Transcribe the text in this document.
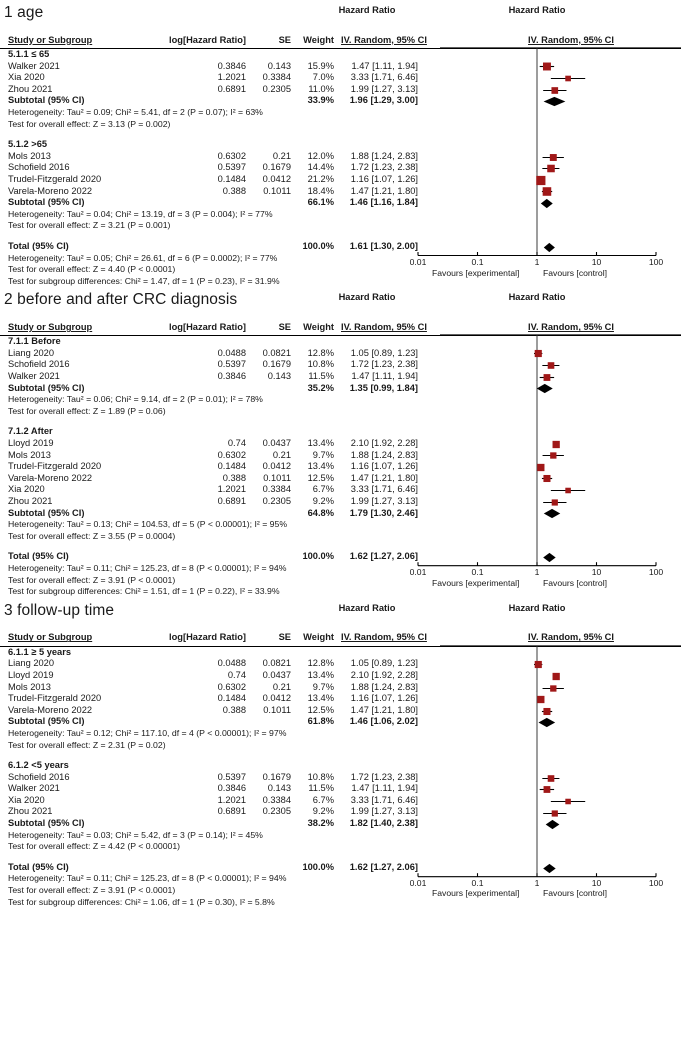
1 age	Hazard Ratio	Hazard Ratio
Study or Subgroup	log[Hazard Ratio]	SE	Weight	IV. Random, 95% CI		IV. Random, 95% CI
5.1.1 ≤ 65						
Walker 2021	0.3846	0.143	15.9%	1.47 [1.11, 1.94]		
Xia 2020	1.2021	0.3384	7.0%	3.33 [1.71, 6.46]		
Zhou 2021	0.6891	0.2305	11.0%	1.99 [1.27, 3.13]		
Subtotal (95% CI)			33.9%	1.96 [1.29, 3.00]		
Heterogeneity: Tau² = 0.09; Chi² = 5.41, df = 2 (P = 0.07); I² = 63%						
Test for overall effect: Z = 3.13 (P = 0.002)						

5.1.2 >65						
Mols 2013	0.6302	0.21	12.0%	1.88 [1.24, 2.83]		
Schofield 2016	0.5397	0.1679	14.4%	1.72 [1.23, 2.38]		
Trudel-Fitzgerald 2020	0.1484	0.0412	21.2%	1.16 [1.07, 1.26]		
Varela-Moreno 2022	0.388	0.1011	18.4%	1.47 [1.21, 1.80]		
Subtotal (95% CI)			66.1%	1.46 [1.16, 1.84]		
Heterogeneity: Tau² = 0.04; Chi² = 13.19, df = 3 (P = 0.004); I² = 77%						
Test for overall effect: Z = 3.21 (P = 0.001)						

Total (95% CI)			100.0%	1.61 [1.30, 2.00]		
Heterogeneity: Tau² = 0.05; Chi² = 26.61, df = 6 (P = 0.0002); I² = 77%						
Test for overall effect: Z = 4.40 (P < 0.0001)						
Test for subgroup differences: Chi² = 1.47, df = 1 (P = 0.23), I² = 31.9%						
0.01	0.1	1	10	100
Favours [experimental]	Favours [control]
2 before and after CRC diagnosis	Hazard Ratio	Hazard Ratio
Study or Subgroup	log[Hazard Ratio]	SE	Weight	IV. Random, 95% CI		IV. Random, 95% CI
7.1.1 Before						
Liang 2020	0.0488	0.0821	12.8%	1.05 [0.89, 1.23]		
Schofield 2016	0.5397	0.1679	10.8%	1.72 [1.23, 2.38]		
Walker 2021	0.3846	0.143	11.5%	1.47 [1.11, 1.94]		
Subtotal (95% CI)			35.2%	1.35 [0.99, 1.84]		
Heterogeneity: Tau² = 0.06; Chi² = 9.14, df = 2 (P = 0.01); I² = 78%						
Test for overall effect: Z = 1.89 (P = 0.06)						

7.1.2 After						
Lloyd 2019	0.74	0.0437	13.4%	2.10 [1.92, 2.28]		
Mols 2013	0.6302	0.21	9.7%	1.88 [1.24, 2.83]		
Trudel-Fitzgerald 2020	0.1484	0.0412	13.4%	1.16 [1.07, 1.26]		
Varela-Moreno 2022	0.388	0.1011	12.5%	1.47 [1.21, 1.80]		
Xia 2020	1.2021	0.3384	6.7%	3.33 [1.71, 6.46]		
Zhou 2021	0.6891	0.2305	9.2%	1.99 [1.27, 3.13]		
Subtotal (95% CI)			64.8%	1.79 [1.30, 2.46]		
Heterogeneity: Tau² = 0.13; Chi² = 104.53, df = 5 (P < 0.00001); I² = 95%						
Test for overall effect: Z = 3.55 (P = 0.0004)						

Total (95% CI)			100.0%	1.62 [1.27, 2.06]		
Heterogeneity: Tau² = 0.11; Chi² = 125.23, df = 8 (P < 0.00001); I² = 94%						
Test for overall effect: Z = 3.91 (P < 0.0001)						
Test for subgroup differences: Chi² = 1.51, df = 1 (P = 0.22), I² = 33.9%						
0.01	0.1	1	10	100
Favours [experimental]	Favours [control]
3 follow-up time	Hazard Ratio	Hazard Ratio
Study or Subgroup	log[Hazard Ratio]	SE	Weight	IV. Random, 95% CI		IV. Random, 95% CI
6.1.1 ≥ 5 years						
Liang 2020	0.0488	0.0821	12.8%	1.05 [0.89, 1.23]		
Lloyd 2019	0.74	0.0437	13.4%	2.10 [1.92, 2.28]		
Mols 2013	0.6302	0.21	9.7%	1.88 [1.24, 2.83]		
Trudel-Fitzgerald 2020	0.1484	0.0412	13.4%	1.16 [1.07, 1.26]		
Varela-Moreno 2022	0.388	0.1011	12.5%	1.47 [1.21, 1.80]		
Subtotal (95% CI)			61.8%	1.46 [1.06, 2.02]		
Heterogeneity: Tau² = 0.12; Chi² = 117.10, df = 4 (P < 0.00001); I² = 97%						
Test for overall effect: Z = 2.31 (P = 0.02)						

6.1.2 <5 years						
Schofield 2016	0.5397	0.1679	10.8%	1.72 [1.23, 2.38]		
Walker 2021	0.3846	0.143	11.5%	1.47 [1.11, 1.94]		
Xia 2020	1.2021	0.3384	6.7%	3.33 [1.71, 6.46]		
Zhou 2021	0.6891	0.2305	9.2%	1.99 [1.27, 3.13]		
Subtotal (95% CI)			38.2%	1.82 [1.40, 2.38]		
Heterogeneity: Tau² = 0.03; Chi² = 5.42, df = 3 (P = 0.14); I² = 45%						
Test for overall effect: Z = 4.42 (P < 0.00001)						

Total (95% CI)			100.0%	1.62 [1.27, 2.06]		
Heterogeneity: Tau² = 0.11; Chi² = 125.23, df = 8 (P < 0.00001); I² = 94%						
Test for overall effect: Z = 3.91 (P < 0.0001)						
Test for subgroup differences: Chi² = 1.06, df = 1 (P = 0.30), I² = 5.8%						
0.01	0.1	1	10	100
Favours [experimental]	Favours [control]
